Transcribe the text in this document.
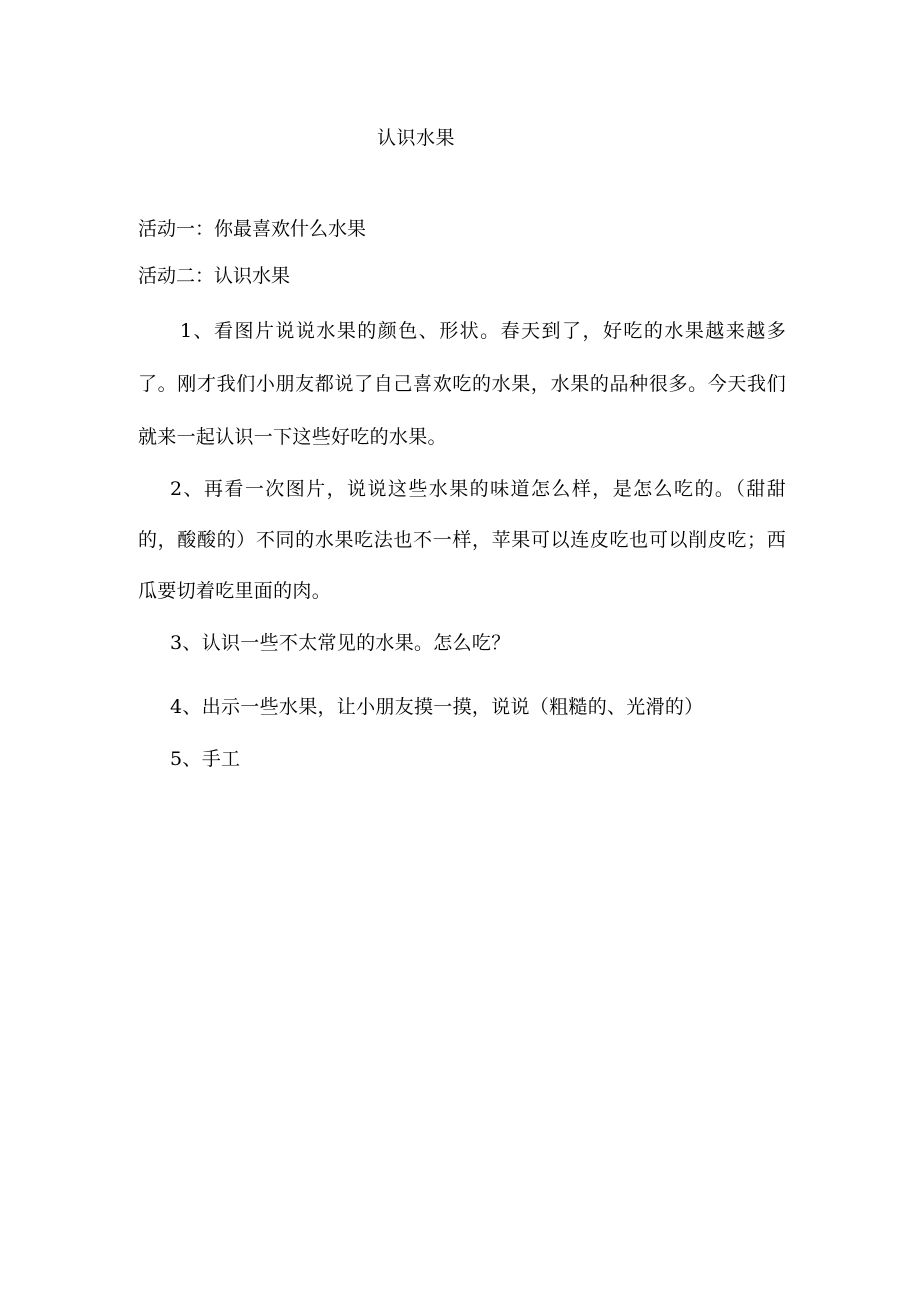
认识水果
活动一：你最喜欢什么水果
活动二：认识水果

1、看图片说说水果的颜色、形状。春天到了，好吃的水果越来越多了。刚才我们小朋友都说了自己喜欢吃的水果，水果的品种很多。今天我们就来一起认识一下这些好吃的水果。

2、再看一次图片，说说这些水果的味道怎么样，是怎么吃的。（甜甜的，酸酸的）不同的水果吃法也不一样，苹果可以连皮吃也可以削皮吃；西瓜要切着吃里面的肉。

3、认识一些不太常见的水果。怎么吃？

4、出示一些水果，让小朋友摸一摸，说说（粗糙的、光滑的）

5、手工
